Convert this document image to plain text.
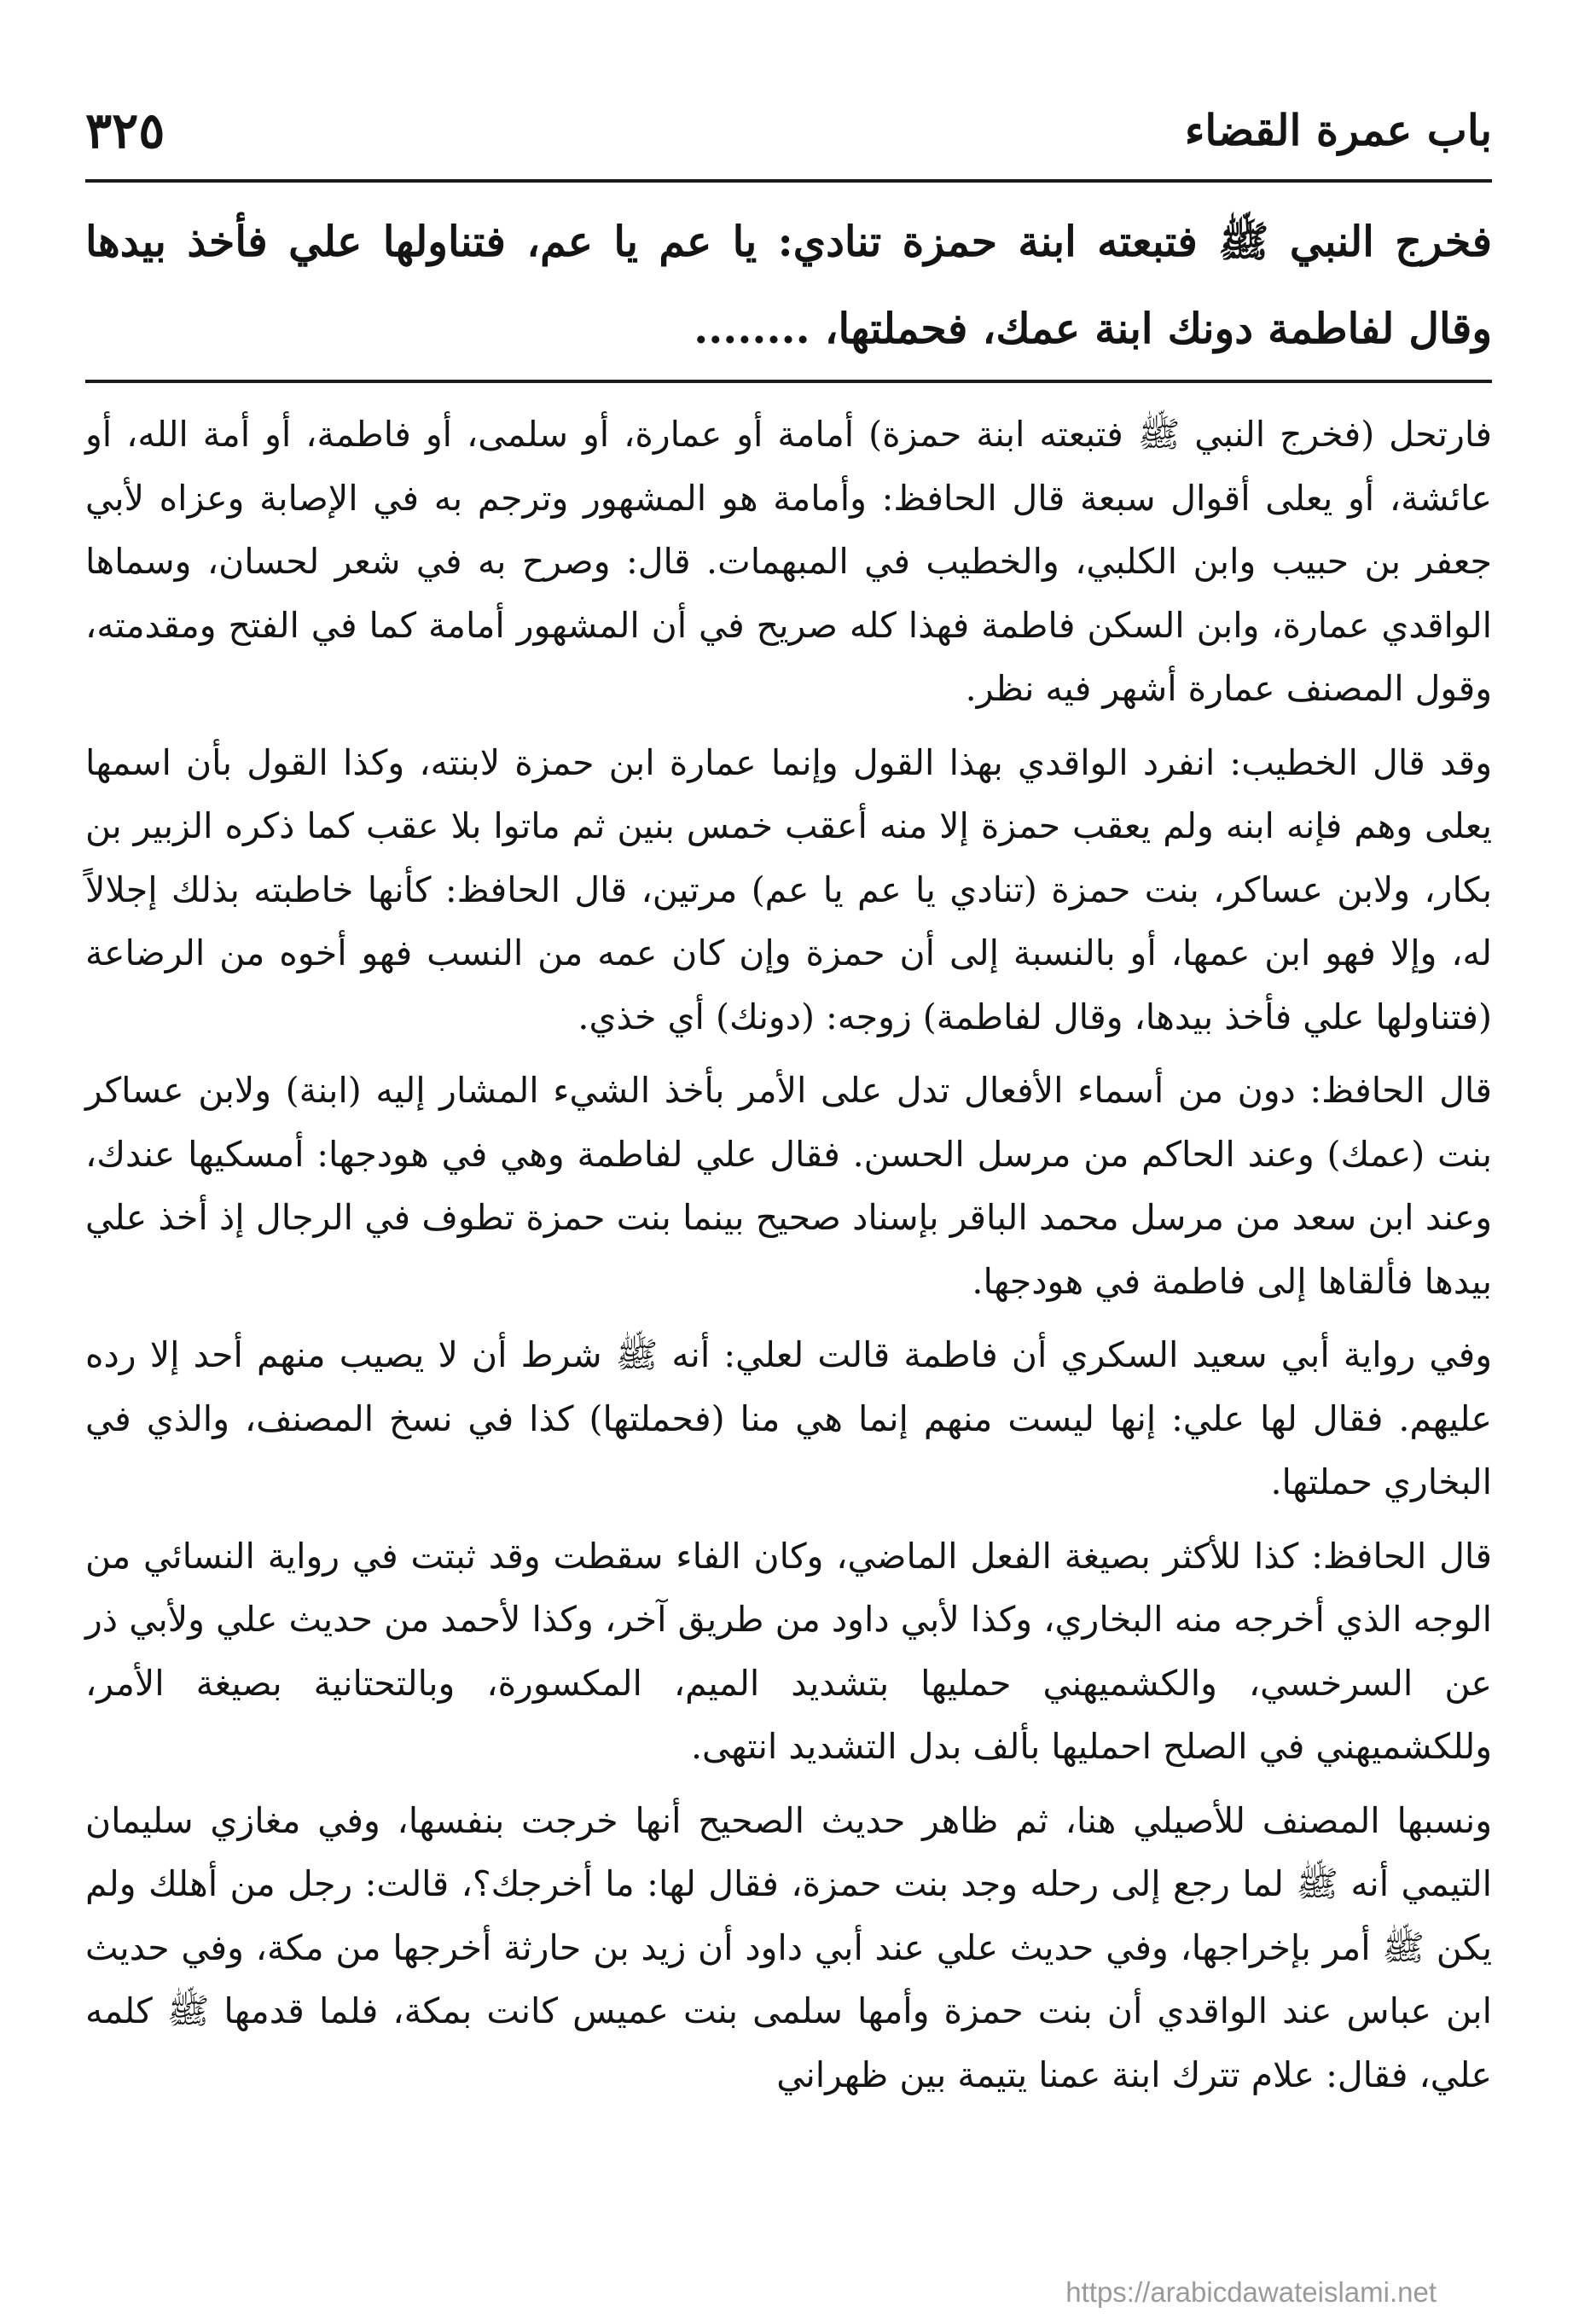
باب عمرة القضاء
٣٢٥
فخرج النبي ﷺ فتبعته ابنة حمزة تنادي: يا عم يا عم، فتناولها علي فأخذ بيدها وقال لفاطمة دونك ابنة عمك، فحملتها، ........

فارتحل (فخرج النبي ﷺ فتبعته ابنة حمزة) أمامة أو عمارة، أو سلمى، أو فاطمة، أو أمة الله، أو عائشة، أو يعلى أقوال سبعة قال الحافظ: وأمامة هو المشهور وترجم به في الإصابة وعزاه لأبي جعفر بن حبيب وابن الكلبي، والخطيب في المبهمات. قال: وصرح به في شعر لحسان، وسماها الواقدي عمارة، وابن السكن فاطمة فهذا كله صريح في أن المشهور أمامة كما في الفتح ومقدمته، وقول المصنف عمارة أشهر فيه نظر.

وقد قال الخطيب: انفرد الواقدي بهذا القول وإنما عمارة ابن حمزة لابنته، وكذا القول بأن اسمها يعلى وهم فإنه ابنه ولم يعقب حمزة إلا منه أعقب خمس بنين ثم ماتوا بلا عقب كما ذكره الزبير بن بكار، ولابن عساكر، بنت حمزة (تنادي يا عم يا عم) مرتين، قال الحافظ: كأنها خاطبته بذلك إجلالاً له، وإلا فهو ابن عمها، أو بالنسبة إلى أن حمزة وإن كان عمه من النسب فهو أخوه من الرضاعة (فتناولها علي فأخذ بيدها، وقال لفاطمة) زوجه: (دونك) أي خذي.

قال الحافظ: دون من أسماء الأفعال تدل على الأمر بأخذ الشيء المشار إليه (ابنة) ولابن عساكر بنت (عمك) وعند الحاكم من مرسل الحسن. فقال علي لفاطمة وهي في هودجها: أمسكيها عندك، وعند ابن سعد من مرسل محمد الباقر بإسناد صحيح بينما بنت حمزة تطوف في الرجال إذ أخذ علي بيدها فألقاها إلى فاطمة في هودجها.

وفي رواية أبي سعيد السكري أن فاطمة قالت لعلي: أنه ﷺ شرط أن لا يصيب منهم أحد إلا رده عليهم. فقال لها علي: إنها ليست منهم إنما هي منا (فحملتها) كذا في نسخ المصنف، والذي في البخاري حملتها.

قال الحافظ: كذا للأكثر بصيغة الفعل الماضي، وكان الفاء سقطت وقد ثبتت في رواية النسائي من الوجه الذي أخرجه منه البخاري، وكذا لأبي داود من طريق آخر، وكذا لأحمد من حديث علي ولأبي ذر عن السرخسي، والكشميهني حمليها بتشديد الميم، المكسورة، وبالتحتانية بصيغة الأمر، وللكشميهني في الصلح احمليها بألف بدل التشديد انتهى.

ونسبها المصنف للأصيلي هنا، ثم ظاهر حديث الصحيح أنها خرجت بنفسها، وفي مغازي سليمان التيمي أنه ﷺ لما رجع إلى رحله وجد بنت حمزة، فقال لها: ما أخرجك؟، قالت: رجل من أهلك ولم يكن ﷺ أمر بإخراجها، وفي حديث علي عند أبي داود أن زيد بن حارثة أخرجها من مكة، وفي حديث ابن عباس عند الواقدي أن بنت حمزة وأمها سلمى بنت عميس كانت بمكة، فلما قدمها ﷺ كلمه علي، فقال: علام تترك ابنة عمنا يتيمة بين ظهراني

https://arabicdawateislami.net
